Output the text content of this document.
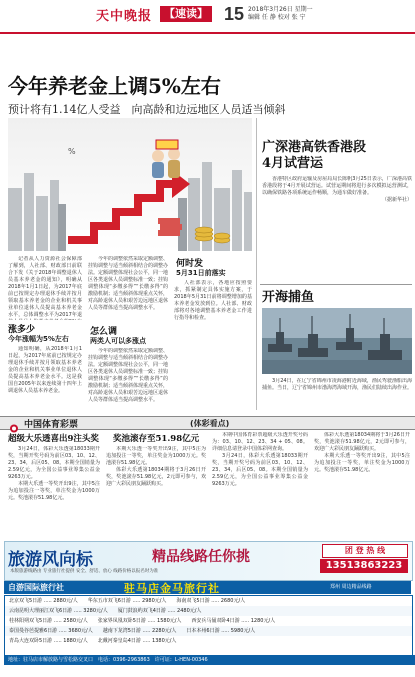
天中晚报	【速读】 15 2018年3月26日 星期一
编辑 任 静 校对 张 宁
今年养老金上调5%左右
预计将有1.14亿人受益　向高龄和边远地区人员适当倾斜
%

记者从人力资源社会保障部了解到，人社部、财政部日前联合下发《关于2018年调整退休人员基本养老金的通知》，明确从2018年1月1日起，为2017年底前已按规定办理退休手续并按月领取基本养老金的企业和机关事业单位退休人员提高基本养老金水平，总体调整水平为2017年退

涨多少
今年涨幅为5%左右

通知明确，从2018年1月1日起，为2017年底前已按规定办理退休手续并按月领取基本养老金的企业和机关事业单位退休人员提高基本养老金水平。这是我国自2005年以来连续第十四年上调退休人员基本养老金。

今年的调整依然采取定额调整、挂钩调整与适当倾斜相结合的调整办法。定额调整体现社会公平，同一地区各类退休人员调整标准一致；挂钩调整体现“多缴多得”“长缴多得”的激励机制；适当倾斜体现重点关怀，对高龄退休人员和艰苦边远地区退休人员等群体适当提高调整水平。

怎么调
两类人可以多涨点

今年的调整依然采取定额调整、挂钩调整与适当倾斜相结合的调整办法。定额调整体现社会公平，同一地区各类退休人员调整标准一致；挂钩调整体现“多缴多得”“长缴多得”的激励机制；适当倾斜体现重点关怀，对高龄退休人员和艰苦边远地区退休人员等群体适当提高调整水平。

何时发
5月31日前落实

人社部表示，各地应按照要求，抓紧制定具体实施方案，于2018年5月31日前将调整增加的基本养老金发放到位。人社部、财政部将对各地调整基本养老金工作进行指导和检查。

广深港高铁香港段
4月试营运

香港特区政府运输及房屋局局长陈帆3月25日表示，广深港高铁香港段将于4月开展试营运。试营运期间将进行多次模拟运营测试，以确保铁路各项系统运作畅顺，为通车做好准备。

（据新华社）

开海捕鱼

3月24日，在辽宁省锦州市凌海港附近海域，渔民驾驶渔船出海捕鱼。当日，辽宁省锦州市渤海湾海域开海，渔民们陆续出海作业。

中国体育彩票	(体彩看点)
超级大乐透喜出9注头奖 奖池滚存至51.98亿元

3月24日，体彩大乐透第18033期开奖，当期开奖号码为前区03、10、12、23、34，后区05、08。本期全国销量为2.59亿元，为全国公益事业筹集公益金9263万元。

本期大乐透一等奖开出9注，其中5注为追加投注一等奖，单注奖金为1000万元。奖池滚存51.98亿元。

本期大乐透一等奖开出9注，其中5注为追加投注一等奖，单注奖金为1000万元。奖池滚存51.98亿元。

体彩大乐透第18034期将于3月26日开奖，奖池滚存51.98亿元，2元即可参与，欢迎广大彩民朋友踊跃购买。

本期中国体育彩票超级大乐透开奖号码为：03、10、12、23、34 + 05、08。详细信息请登录中国体彩网查询。

3月24日，体彩大乐透第18033期开奖，当期开奖号码为前区03、10、12、23、34，后区05、08。本期全国销量为2.59亿元，为全国公益事业筹集公益金9263万元。

体彩大乐透第18034期将于3月26日开奖，奖池滚存51.98亿元，2元即可参与，欢迎广大彩民朋友踊跃购买。

本期大乐透一等奖开出9注，其中5注为追加投注一等奖，单注奖金为1000万元。奖池滚存51.98亿元。

旅游风向标	精品线路任你挑	团 登 热 线
13513863223
本版旅游线路由 专业旅行社提供 安全、舒适、放心 线路价格以报名时为准
自游国际旅行社	驻马店金马旅行社	郑州 周边精品线路
北京双飞5日游 ..... 2880元/人　　华东五市双飞6日游 ..... 2980元/人　　海南双飞5日游 ..... 2680元/人
云南昆明大理丽江双飞6日游 ..... 3280元/人　　厦门鼓浪屿双飞4日游 ..... 2480元/人
桂林阳朔双飞5日游 ..... 2580元/人　　张家界凤凰双卧5日游 ..... 1580元/人　　西安兵马俑双卧4日游 ..... 1280元/人
泰国曼谷芭提雅6日游 ..... 3680元/人　　越南下龙湾5日游 ..... 2280元/人　　日本本州6日游 ..... 5980元/人
青岛大连双卧5日游 ..... 1880元/人　　北戴河秦皇岛4日游 ..... 1380元/人
地址：驻马店市解放路与雪松路交叉口　电话：0396-2963863　许可证：L-HEN-00346
